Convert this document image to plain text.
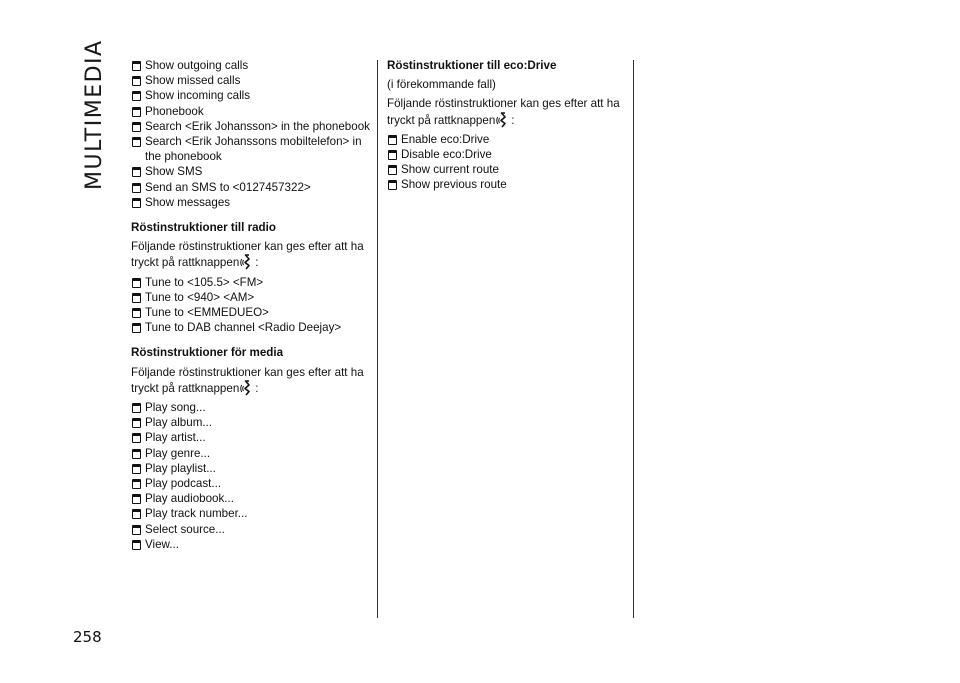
MULTIMEDIA	Show outgoing calls
Show missed calls
Show incoming calls
Phonebook
Search <Erik Johansson> in the phonebook
Search <Erik Johanssons mobiltelefon> in the phonebook
Show SMS
Send an SMS to <0127457322>
Show messages
Röstinstruktioner till radio

Följande röstinstruktioner kan ges efter att ha tryckt på rattknappen :

Tune to <105.5> <FM>
Tune to <940> <AM>
Tune to <EMMEDUEO>
Tune to DAB channel <Radio Deejay>
Röstinstruktioner för media

Följande röstinstruktioner kan ges efter att ha tryckt på rattknappen :

Play song...
Play album...
Play artist...
Play genre...
Play playlist...
Play podcast...
Play audiobook...
Play track number...
Select source...
View...
Röstinstruktioner till eco:Drive

(i förekommande fall)

Följande röstinstruktioner kan ges efter att ha tryckt på rattknappen :

Enable eco:Drive
Disable eco:Drive
Show current route
Show previous route
258
